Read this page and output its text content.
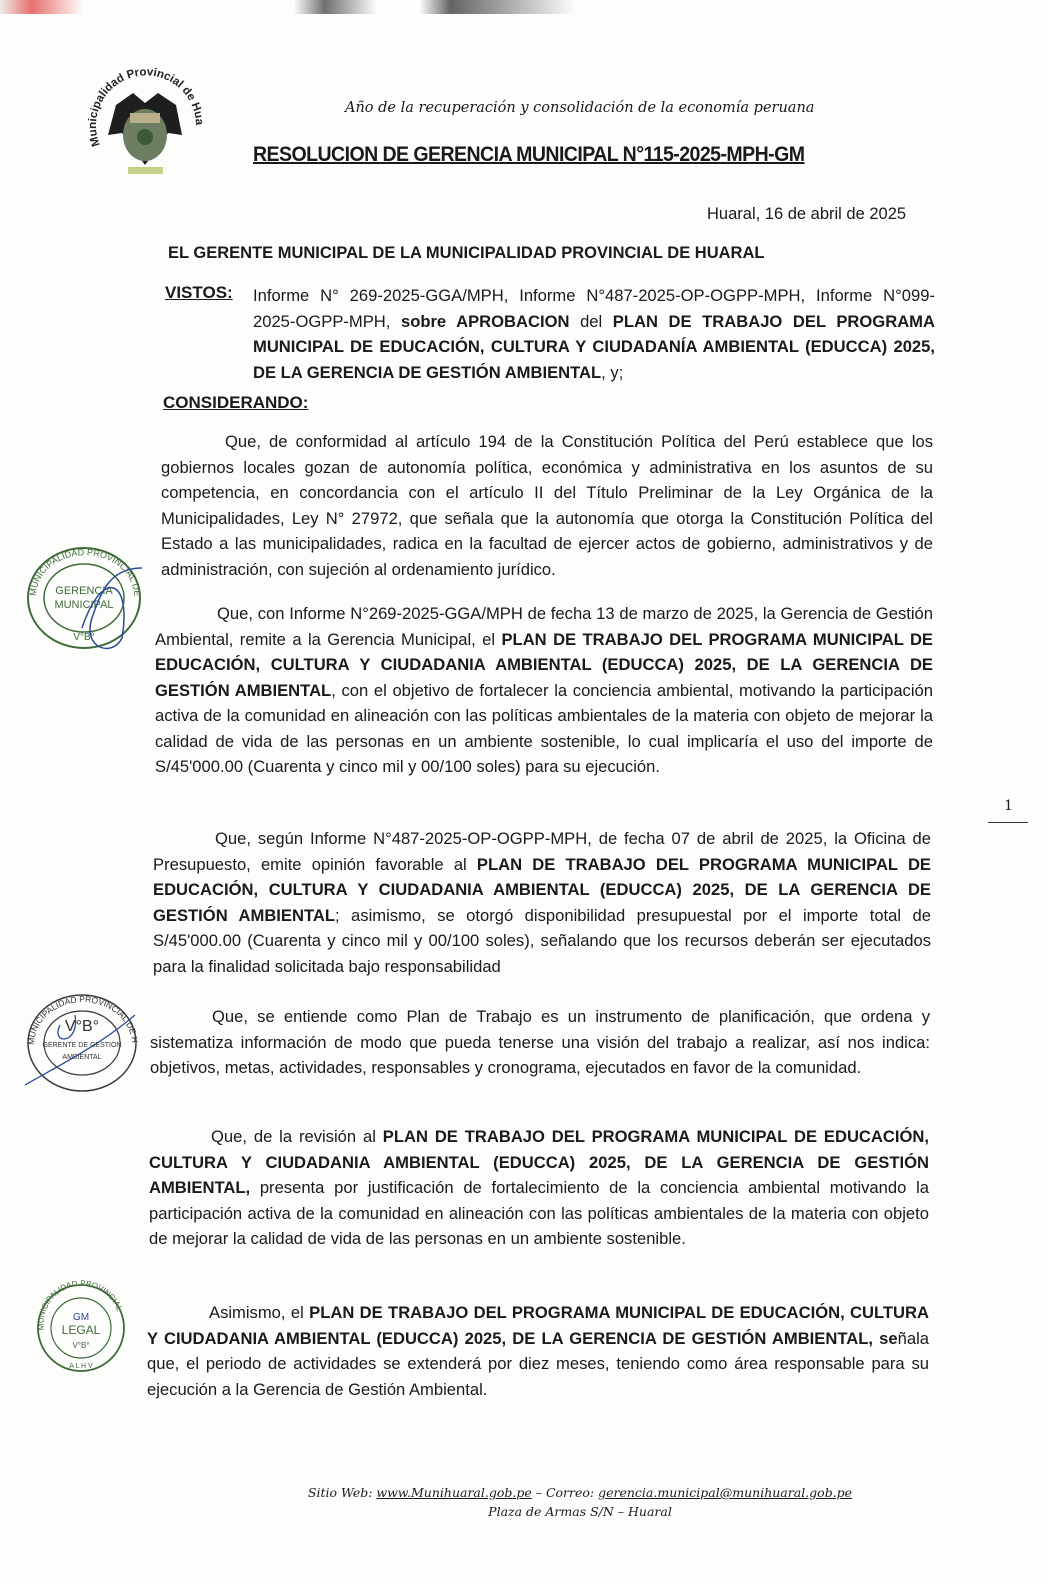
Municipalidad Provincial de Hua
Año de la recuperación y consolidación de la economía peruana
RESOLUCION DE GERENCIA MUNICIPAL N°115-2025-MPH-GM
Huaral, 16 de abril de 2025
EL GERENTE MUNICIPAL DE LA MUNICIPALIDAD PROVINCIAL DE HUARAL
VISTOS: Informe N° 269-2025-GGA/MPH, Informe N°487-2025-OP-OGPP-MPH, Informe N°099-2025-OGPP-MPH, sobre APROBACION del PLAN DE TRABAJO DEL PROGRAMA MUNICIPAL DE EDUCACIÓN, CULTURA Y CIUDADANÍA AMBIENTAL (EDUCCA) 2025, DE LA GERENCIA DE GESTIÓN AMBIENTAL, y;
CONSIDERANDO:
Que, de conformidad al artículo 194 de la Constitución Política del Perú establece que los gobiernos locales gozan de autonomía política, económica y administrativa en los asuntos de su competencia, en concordancia con el artículo II del Título Preliminar de la Ley Orgánica de la Municipalidades, Ley N° 27972, que señala que la autonomía que otorga la Constitución Política del Estado a las municipalidades, radica en la facultad de ejercer actos de gobierno, administrativos y de administración, con sujeción al ordenamiento jurídico.
Que, con Informe N°269-2025-GGA/MPH de fecha 13 de marzo de 2025, la Gerencia de Gestión Ambiental, remite a la Gerencia Municipal, el PLAN DE TRABAJO DEL PROGRAMA MUNICIPAL DE EDUCACIÓN, CULTURA Y CIUDADANIA AMBIENTAL (EDUCCA) 2025, DE LA GERENCIA DE GESTIÓN AMBIENTAL, con el objetivo de fortalecer la conciencia ambiental, motivando la participación activa de la comunidad en alineación con las políticas ambientales de la materia con objeto de mejorar la calidad de vida de las personas en un ambiente sostenible, lo cual implicaría el uso del importe de S/45'000.00 (Cuarenta y cinco mil y 00/100 soles) para su ejecución.
Que, según Informe N°487-2025-OP-OGPP-MPH, de fecha 07 de abril de 2025, la Oficina de Presupuesto, emite opinión favorable al PLAN DE TRABAJO DEL PROGRAMA MUNICIPAL DE EDUCACIÓN, CULTURA Y CIUDADANIA AMBIENTAL (EDUCCA) 2025, DE LA GERENCIA DE GESTIÓN AMBIENTAL; asimismo, se otorgó disponibilidad presupuestal por el importe total de S/45'000.00 (Cuarenta y cinco mil y 00/100 soles), señalando que los recursos deberán ser ejecutados para la finalidad solicitada bajo responsabilidad
Que, se entiende como Plan de Trabajo es un instrumento de planificación, que ordena y sistematiza información de modo que pueda tenerse una visión del trabajo a realizar, así nos indica: objetivos, metas, actividades, responsables y cronograma, ejecutados en favor de la comunidad.
Que, de la revisión al PLAN DE TRABAJO DEL PROGRAMA MUNICIPAL DE EDUCACIÓN, CULTURA Y CIUDADANIA AMBIENTAL (EDUCCA) 2025, DE LA GERENCIA DE GESTIÓN AMBIENTAL, presenta por justificación de fortalecimiento de la conciencia ambiental motivando la participación activa de la comunidad en alineación con las políticas ambientales de la materia con objeto de mejorar la calidad de vida de las personas en un ambiente sostenible.
Asimismo, el PLAN DE TRABAJO DEL PROGRAMA MUNICIPAL DE EDUCACIÓN, CULTURA Y CIUDADANIA AMBIENTAL (EDUCCA) 2025, DE LA GERENCIA DE GESTIÓN AMBIENTAL, señala que, el periodo de actividades se extenderá por diez meses, teniendo como área responsable para su ejecución a la Gerencia de Gestión Ambiental.
MUNICIPALIDAD PROVINCIAL DE
GERENCIA
MUNICIPAL
V°B°
MUNICIPALIDAD PROVINCIAL DE H
V°B°
GERENTE DE GESTION
AMBIENTAL
MUNICIPALIDAD PROVINCIAL
GM
LEGAL
V°B°
A L H V
1
Sitio Web: www.Munihuaral.gob.pe – Correo: gerencia.municipal@munihuaral.gob.pe
Plaza de Armas S/N – Huaral
